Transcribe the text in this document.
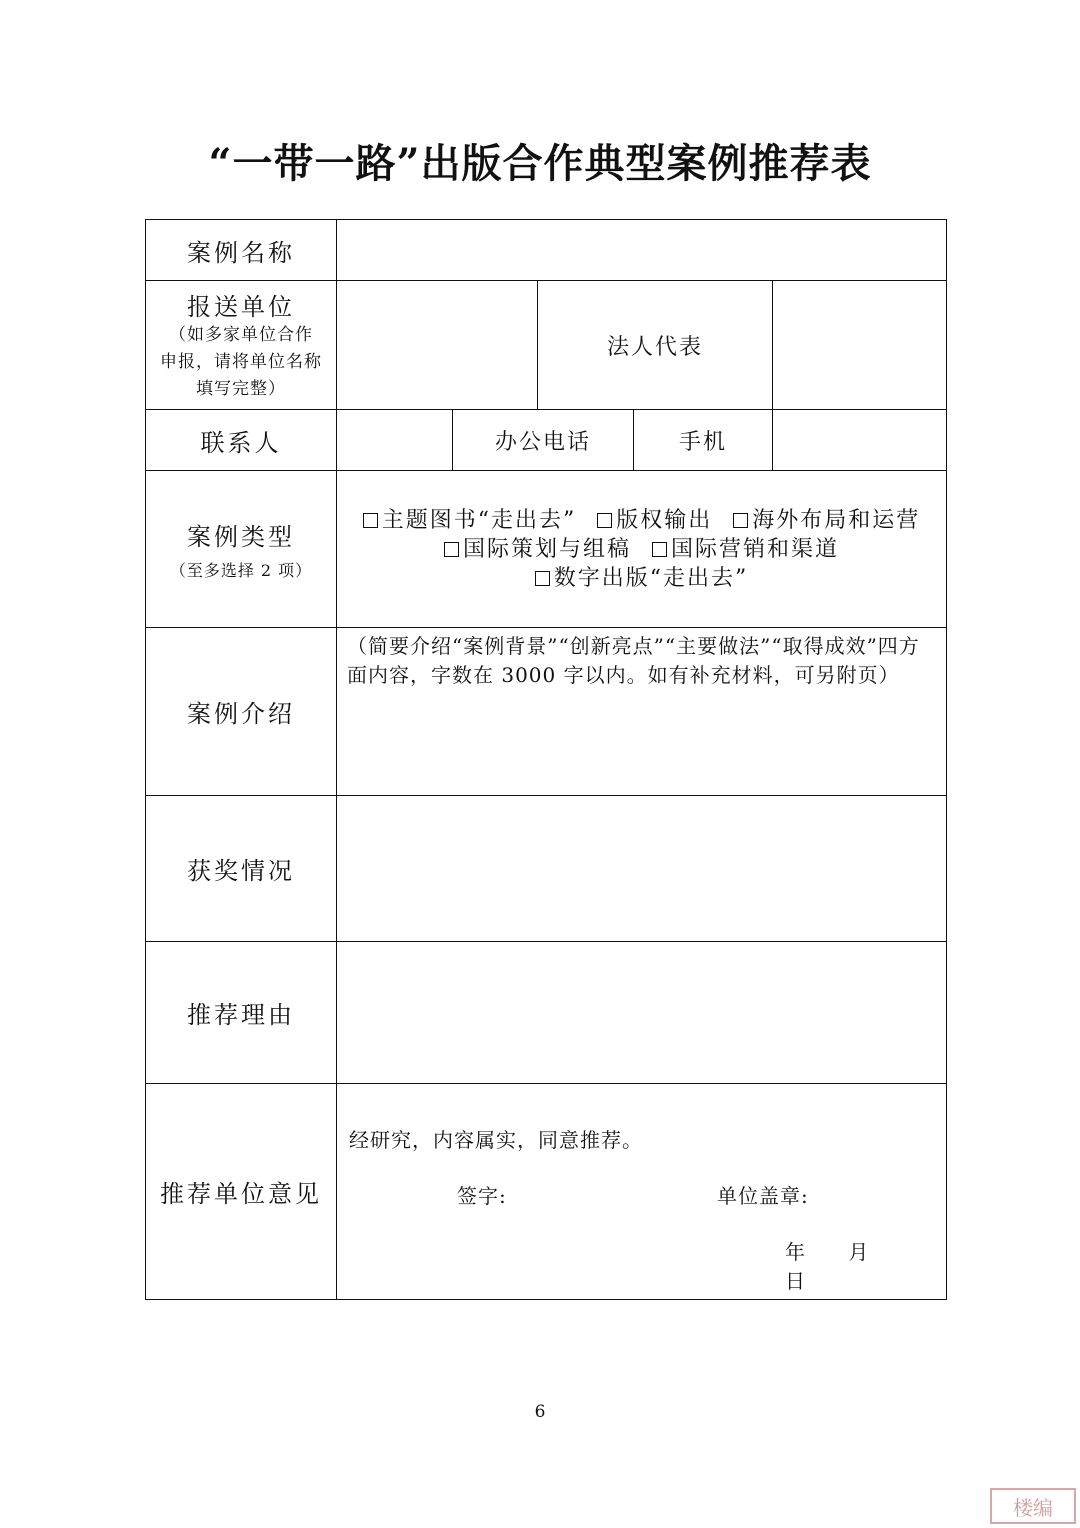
“一带一路”出版合作典型案例推荐表
案例名称					

报送单位
（如多家单位合作
申报，请将单位名称
填写完整）			法人代表		

联系人		办公电话		手机	

案例类型
（至多选择 2 项）	主题图书“走出去” 版权输出 海外布局和运营
国际策划与组稿 国际营销和渠道
数字出版“走出去”				

案例介绍	（简要介绍“案例背景”“创新亮点”“主要做法”“取得成效”四方面内容，字数在 3000 字以内。如有补充材料，可另附页）				

获奖情况					

推荐理由					

推荐单位意见	经研究，内容属实，同意推荐。
签字: 单位盖章:
年 月 日				
6
楼编
